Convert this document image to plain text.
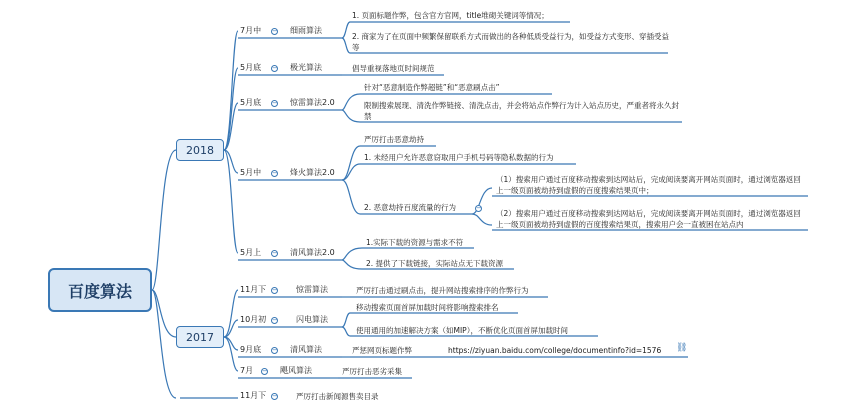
百度算法
2018
2017
7月中 − 细雨算法
1. 页面标题作弊，包含官方官网，title堆砌关键词等情况；
2. 商家为了在页面中频繁保留联系方式而做出的各种低质受益行为，如受益方式变形、穿插受益等
5月底 − 极光算法	倡导重视落地页时间规范
5月底 − 惊雷算法2.0
针对“恶意制造作弊超链”和“恶意刷点击”
限制搜索展现、清洗作弊链接、清洗点击，并会将站点作弊行为计入站点历史，严重者将永久封禁
5月中 − 烽火算法2.0
严厉打击恶意劫持
1. 未经用户允许恶意窃取用户手机号码等隐私数据的行为
2. 恶意劫持百度流量的行为	−
（1）搜索用户通过百度移动搜索到达网站后，完成阅读要离开网站页面时，通过浏览器返回上一级页面被劫持到虚假的百度搜索结果页中；
（2）搜索用户通过百度移动搜索到达网站后，完成阅读要离开网站页面时，通过浏览器返回上一级页面被劫持到虚假的百度搜索结果页，搜索用户会一直被困在站点内
5月上 − 清风算法2.0
1.实际下载的资源与需求不符
2. 提供了下载链接，实际站点无下载资源
11月下 − 惊雷算法	严厉打击通过刷点击，提升网站搜索排序的作弊行为
10月初 − 闪电算法
移动搜索页面首屏加载时间将影响搜索排名
使用通用的加速解决方案（如MIP），不断优化页面首屏加载时间
9月底 − 清风算法	严惩网页标题作弊	https://ziyuan.baidu.com/college/documentinfo?id=1576 ⛓
7月 − 飓风算法	严厉打击恶劣采集
11月下 − 严厉打击新闻源售卖目录
